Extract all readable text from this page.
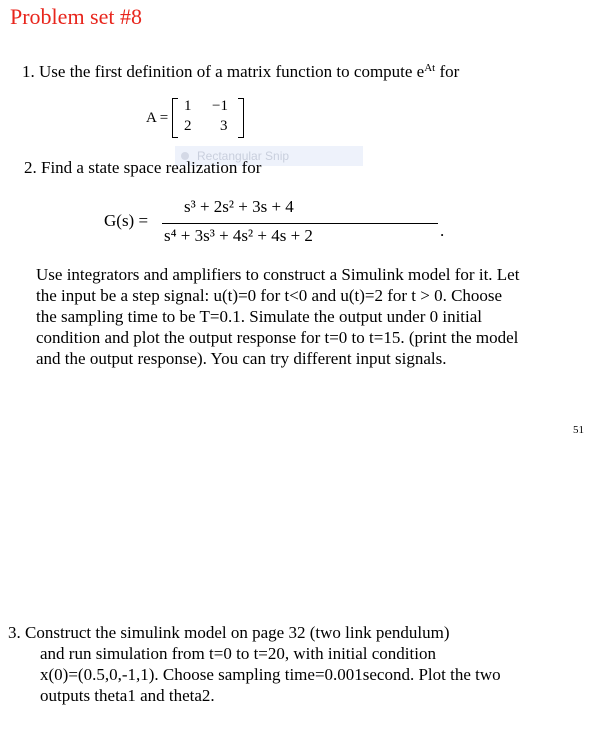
Problem set #8
1. Use the first definition of a matrix function to compute $e^{At}$ for
A =
1 −1
2 3
Rectangular Snip
2. Find a state space realization for
G(s) =
s³ + 2s² + 3s + 4
s⁴ + 3s³ + 4s² + 4s + 2	.
Use integrators and amplifiers to construct a Simulink model for it. Let
the input be a step signal: u(t)=0 for t<0 and u(t)=2 for t > 0. Choose
the sampling time to be T=0.1. Simulate the output under 0 initial
condition and plot the output response for t=0 to t=15. (print the model
and the output response). You can try different input signals.
51
3. Construct the simulink model on page 32 (two link pendulum)
and run simulation from t=0 to t=20, with initial condition
x(0)=(0.5,0,-1,1). Choose sampling time=0.001second. Plot the two
outputs theta1 and theta2.
